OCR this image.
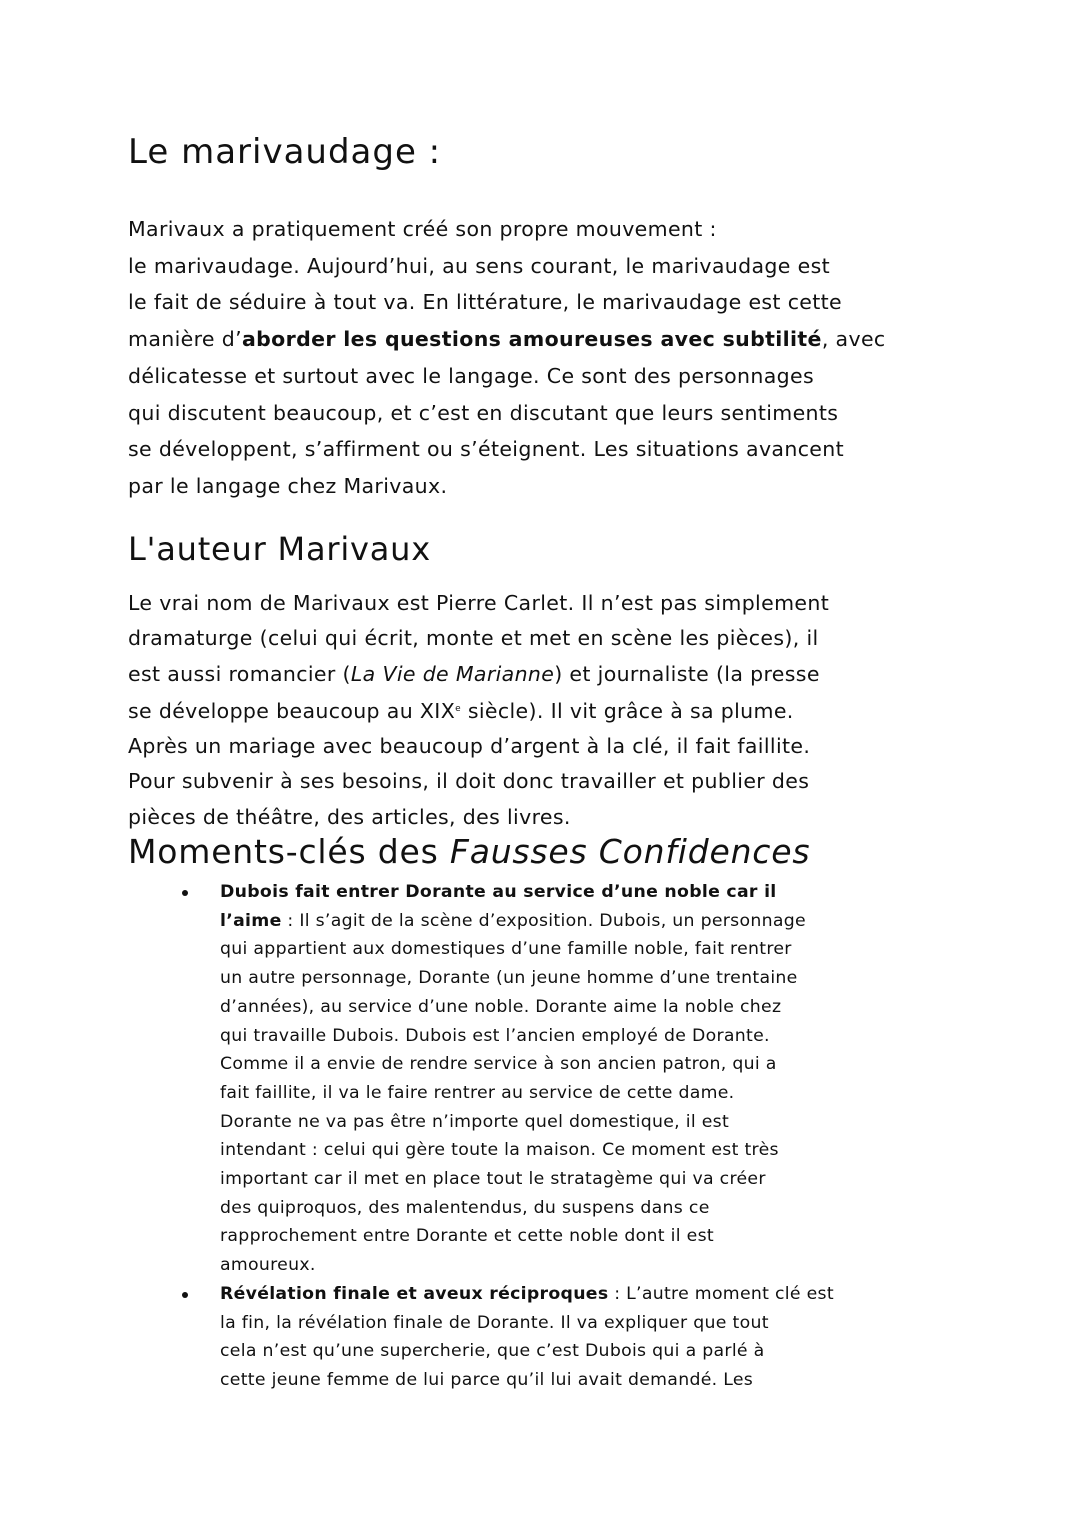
Le marivaudage :
Marivaux a pratiquement créé son propre mouvement :
le marivaudage. Aujourd’hui, au sens courant, le marivaudage est
le fait de séduire à tout va. En littérature, le marivaudage est cette
manière d’aborder les questions amoureuses avec subtilité, avec
délicatesse et surtout avec le langage. Ce sont des personnages
qui discutent beaucoup, et c’est en discutant que leurs sentiments
se développent, s’affirment ou s’éteignent. Les situations avancent
par le langage chez Marivaux.
L'auteur Marivaux
Le vrai nom de Marivaux est Pierre Carlet. Il n’est pas simplement
dramaturge (celui qui écrit, monte et met en scène les pièces), il
est aussi romancier (La Vie de Marianne) et journaliste (la presse
se développe beaucoup au XIXe siècle). Il vit grâce à sa plume.
Après un mariage avec beaucoup d’argent à la clé, il fait faillite.
Pour subvenir à ses besoins, il doit donc travailler et publier des
pièces de théâtre, des articles, des livres.
Moments-clés des Fausses Confidences
Dubois fait entrer Dorante au service d’une noble car il
l’aime : Il s’agit de la scène d’exposition. Dubois, un personnage
qui appartient aux domestiques d’une famille noble, fait rentrer
un autre personnage, Dorante (un jeune homme d’une trentaine
d’années), au service d’une noble. Dorante aime la noble chez
qui travaille Dubois. Dubois est l’ancien employé de Dorante.
Comme il a envie de rendre service à son ancien patron, qui a
fait faillite, il va le faire rentrer au service de cette dame.
Dorante ne va pas être n’importe quel domestique, il est
intendant : celui qui gère toute la maison. Ce moment est très
important car il met en place tout le stratagème qui va créer
des quiproquos, des malentendus, du suspens dans ce
rapprochement entre Dorante et cette noble dont il est
amoureux.
Révélation finale et aveux réciproques : L’autre moment clé est
la fin, la révélation finale de Dorante. Il va expliquer que tout
cela n’est qu’une supercherie, que c’est Dubois qui a parlé à
cette jeune femme de lui parce qu’il lui avait demandé. Les
